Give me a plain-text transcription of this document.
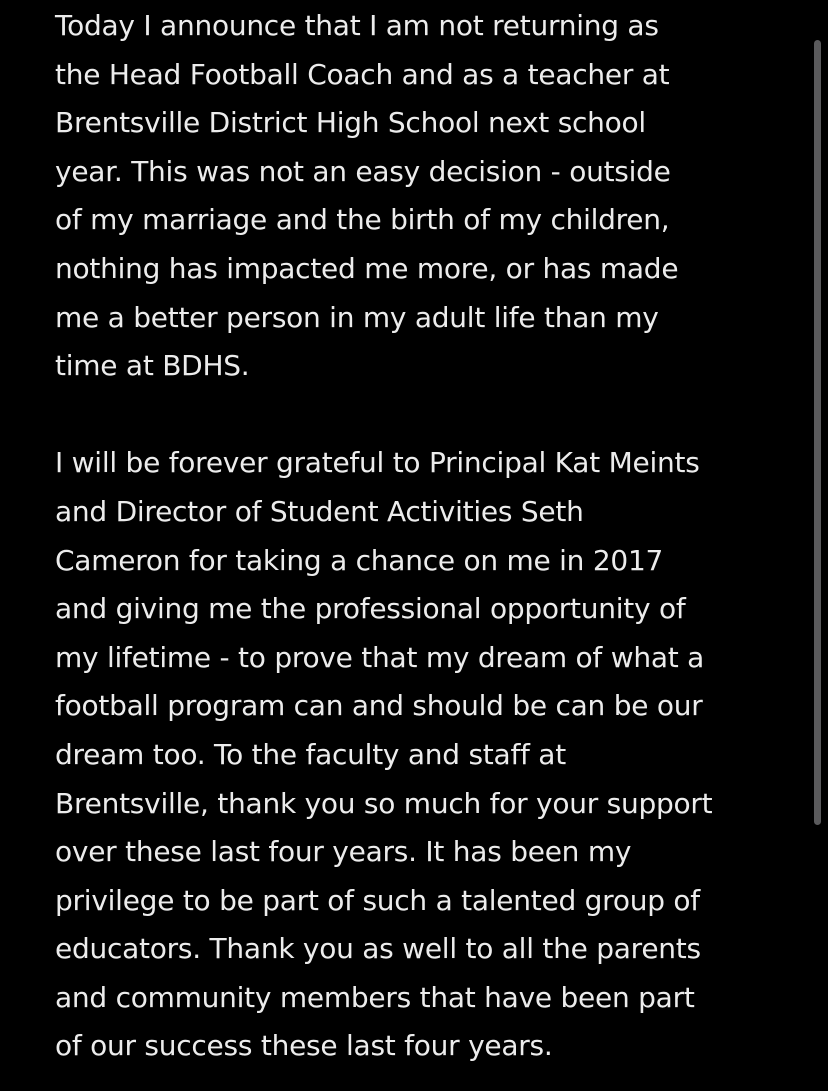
Today I announce that I am not returning as
the Head Football Coach and as a teacher at
Brentsville District High School next school
year. This was not an easy decision - outside
of my marriage and the birth of my children,
nothing has impacted me more, or has made
me a better person in my adult life than my
time at BDHS.

I will be forever grateful to Principal Kat Meints
and Director of Student Activities Seth
Cameron for taking a chance on me in 2017
and giving me the professional opportunity of
my lifetime - to prove that my dream of what a
football program can and should be can be our
dream too. To the faculty and staff at
Brentsville, thank you so much for your support
over these last four years. It has been my
privilege to be part of such a talented group of
educators. Thank you as well to all the parents
and community members that have been part
of our success these last four years.
